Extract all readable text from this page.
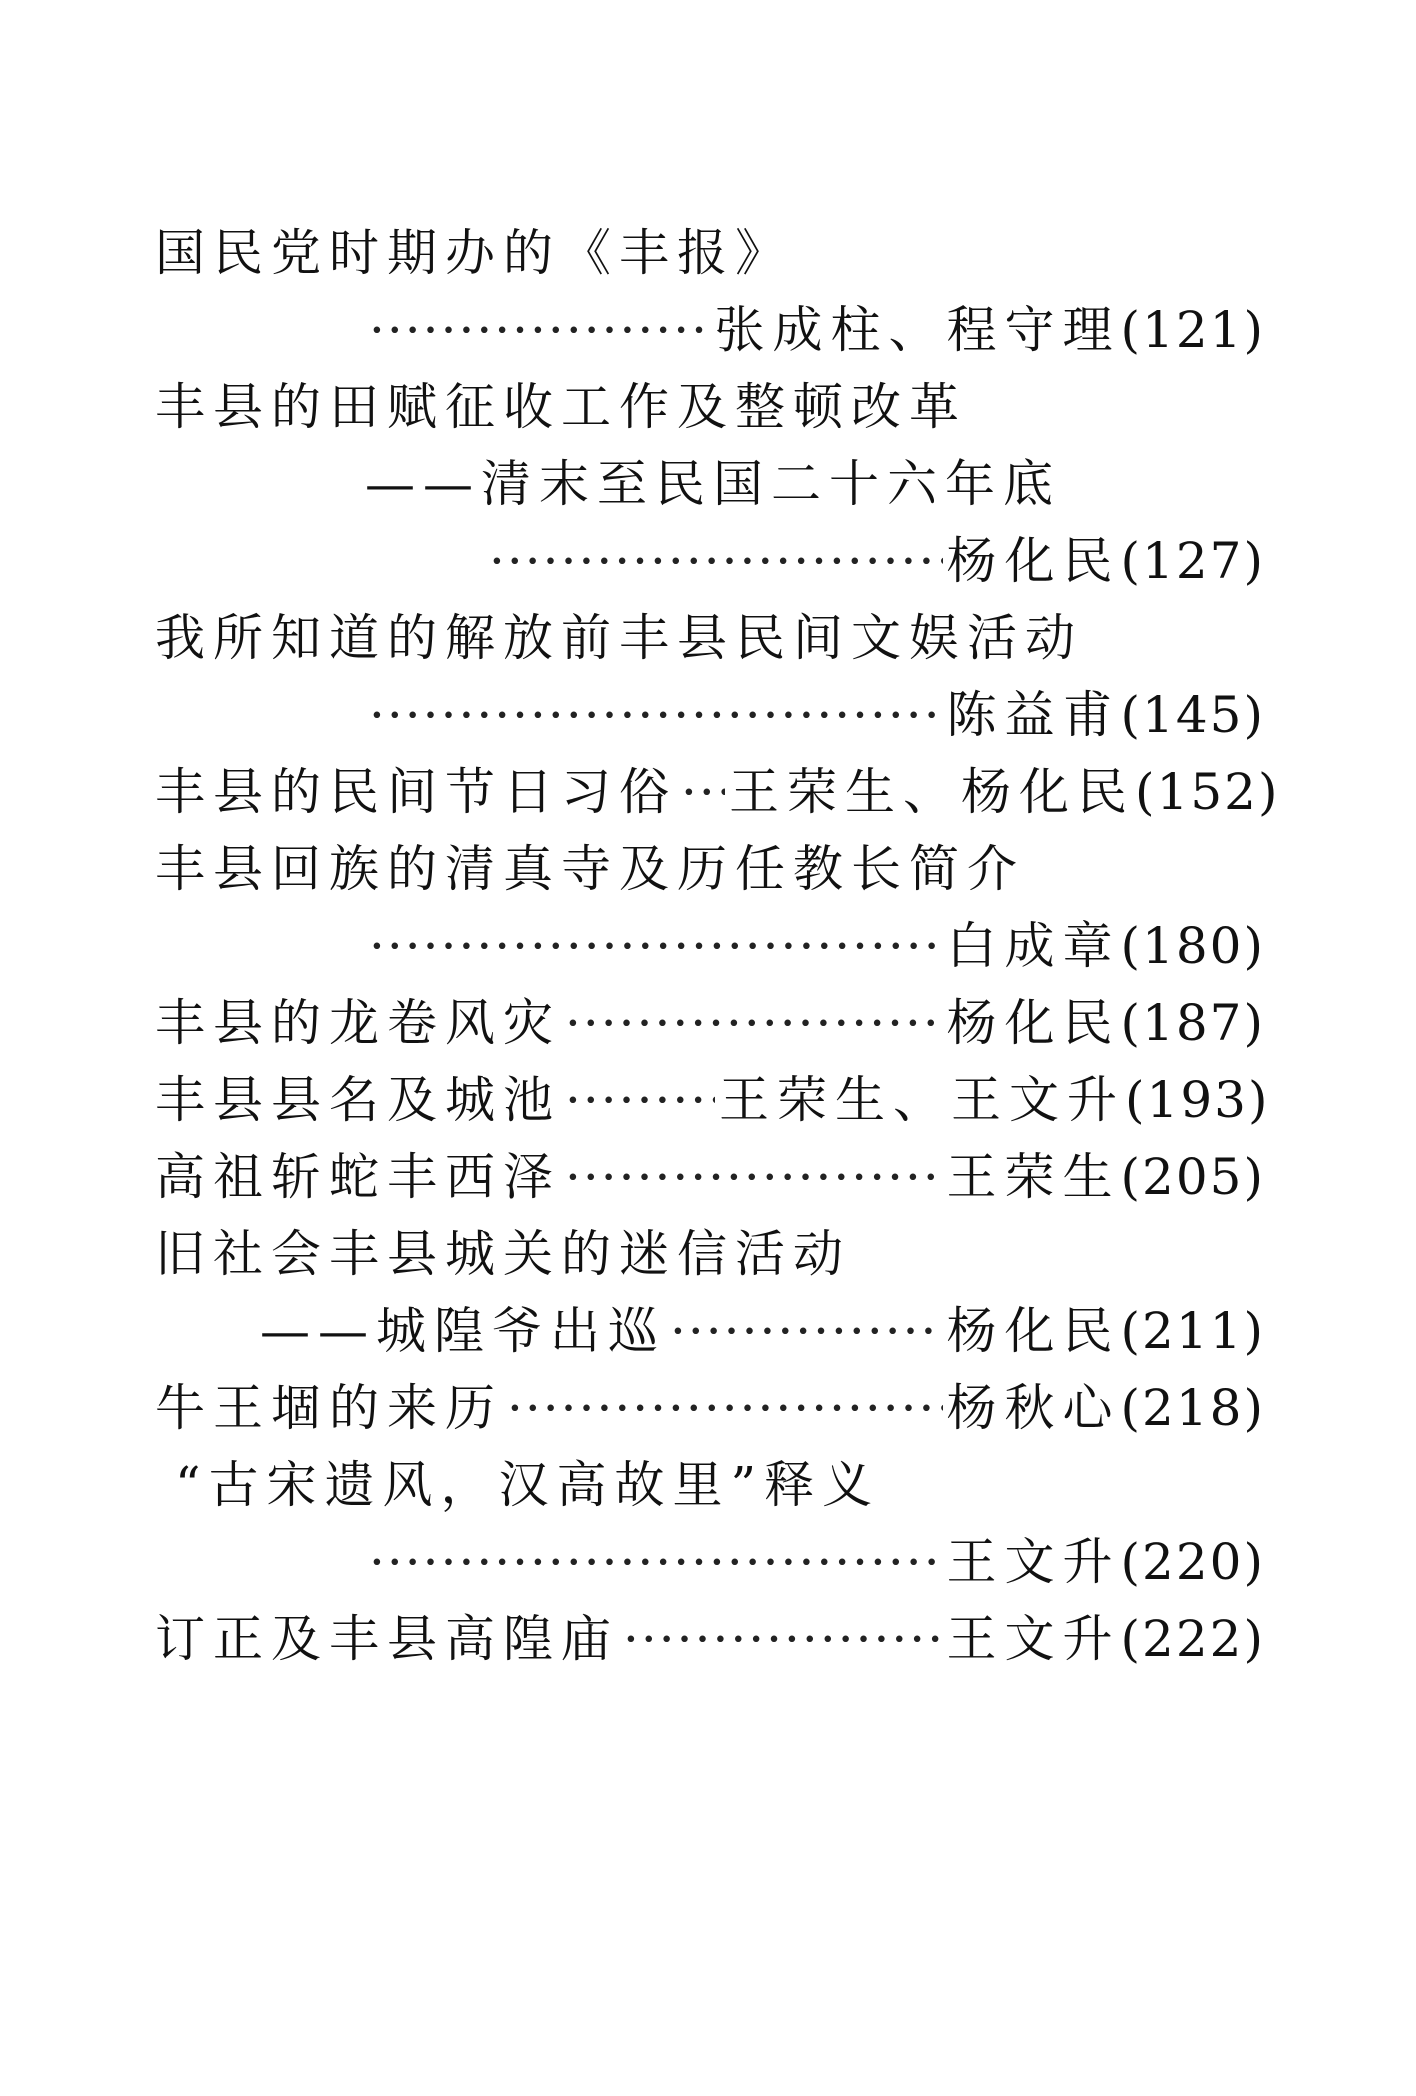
国民党时期办的《丰报》
·····
张成柱、程守理 (121)
丰县的田赋征收工作及整顿改革
——清末至民国二十六年底
·····
杨化民 (127)
我所知道的解放前丰县民间文娱活动
·····
陈益甫 (145)
丰县的民间节日习俗 ····· 王荣生、杨化民 (152)
丰县回族的清真寺及历任教长简介
·····
白成章 (180)
丰县的龙卷风灾 ·····	杨化民 (187)
丰县县名及城池 ·····	王荣生、王文升 (193)
高祖斩蛇丰西泽 ·····	王荣生 (205)
旧社会丰县城关的迷信活动
——城隍爷出巡 ·····	杨化民 (211)
牛王堌的来历 ·····	杨秋心 (218)
“古宋遗风，汉高故里”释义
·····
王文升 (220)
订正及丰县高隍庙 ·····	王文升 (222)
